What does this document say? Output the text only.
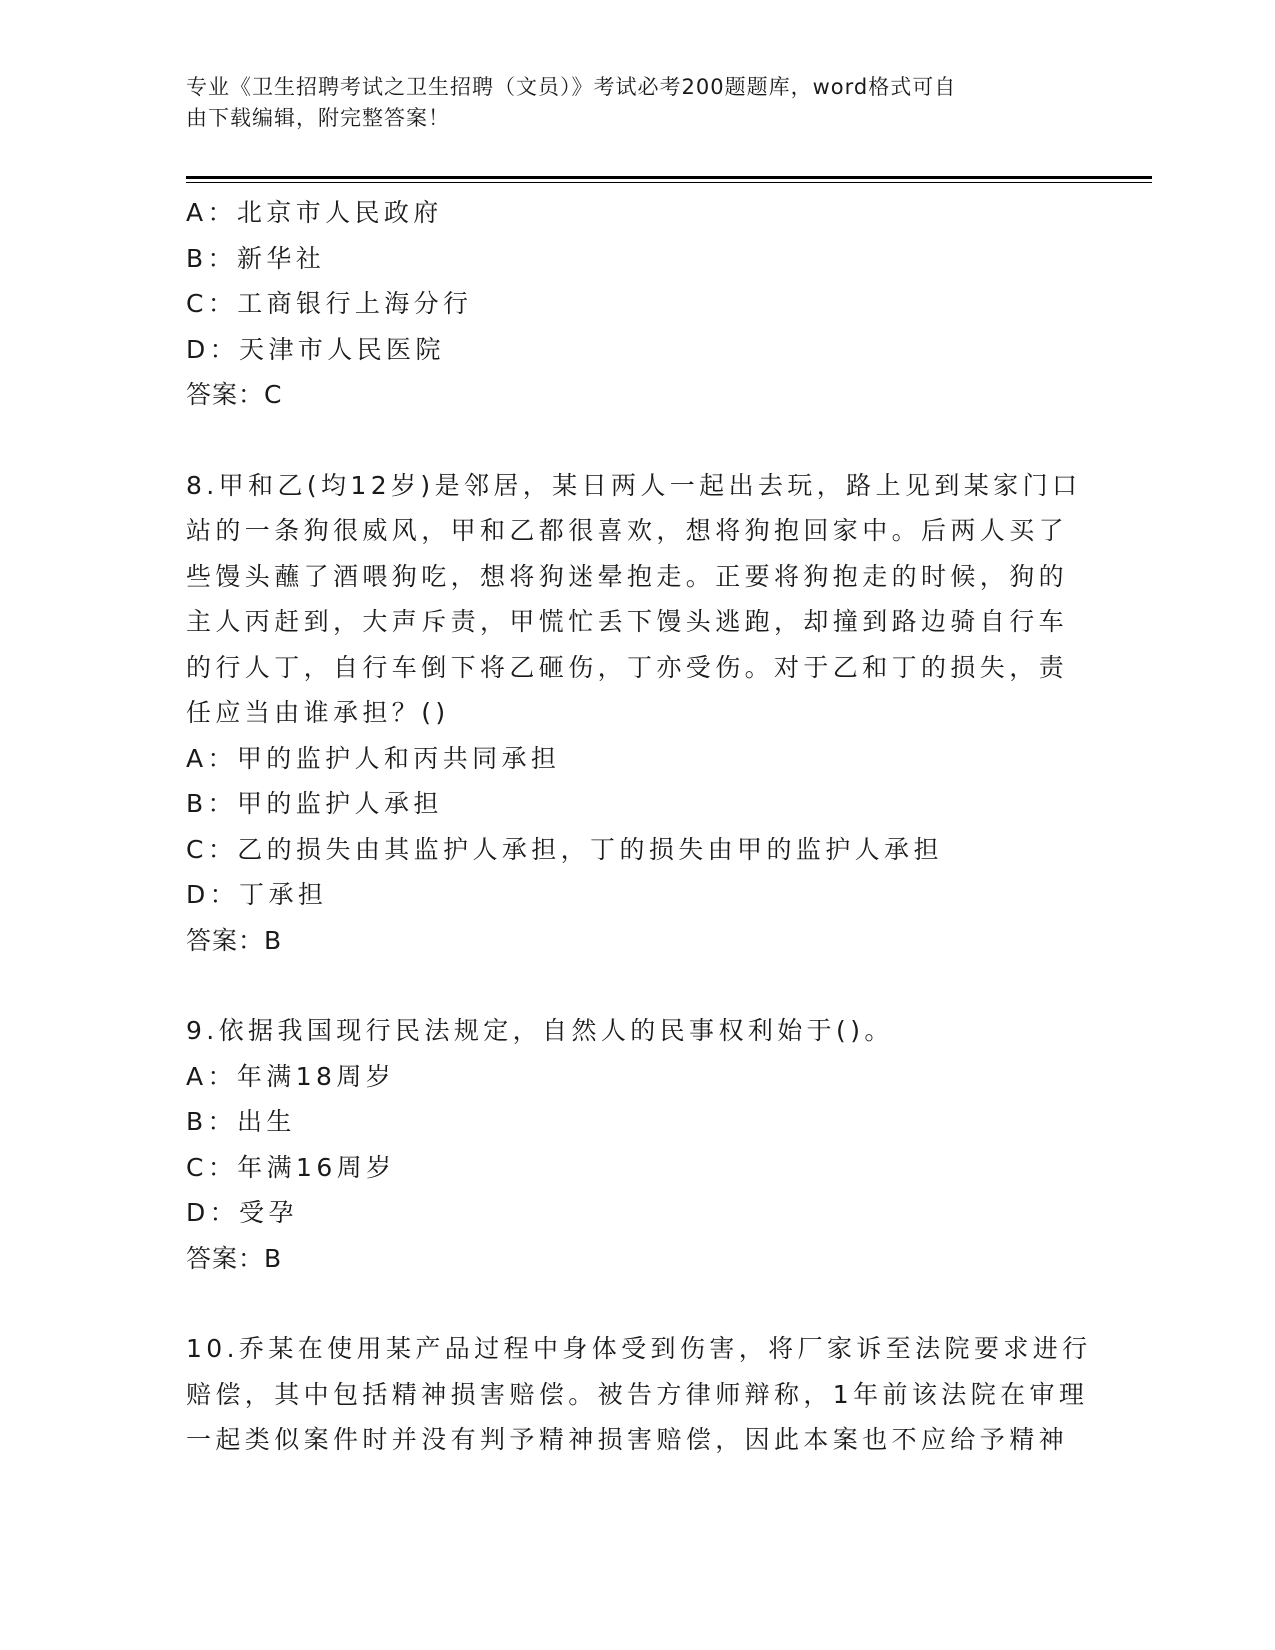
专业《卫生招聘考试之卫生招聘（文员）》考试必考200题题库，word格式可自
由下载编辑，附完整答案！
A：北京市人民政府
B：新华社
C：工商银行上海分行
D：天津市人民医院
答案：C
8.甲和乙(均12岁)是邻居，某日两人一起出去玩，路上见到某家门口
站的一条狗很威风，甲和乙都很喜欢，想将狗抱回家中。后两人买了
些馒头蘸了酒喂狗吃，想将狗迷晕抱走。正要将狗抱走的时候，狗的
主人丙赶到，大声斥责，甲慌忙丢下馒头逃跑，却撞到路边骑自行车
的行人丁，自行车倒下将乙砸伤，丁亦受伤。对于乙和丁的损失，责
任应当由谁承担？()
A：甲的监护人和丙共同承担
B：甲的监护人承担
C：乙的损失由其监护人承担，丁的损失由甲的监护人承担
D：丁承担
答案：B
9.依据我国现行民法规定，自然人的民事权利始于()。
A：年满18周岁
B：出生
C：年满16周岁
D：受孕
答案：B
10.乔某在使用某产品过程中身体受到伤害，将厂家诉至法院要求进行
赔偿，其中包括精神损害赔偿。被告方律师辩称，1年前该法院在审理
一起类似案件时并没有判予精神损害赔偿，因此本案也不应给予精神
